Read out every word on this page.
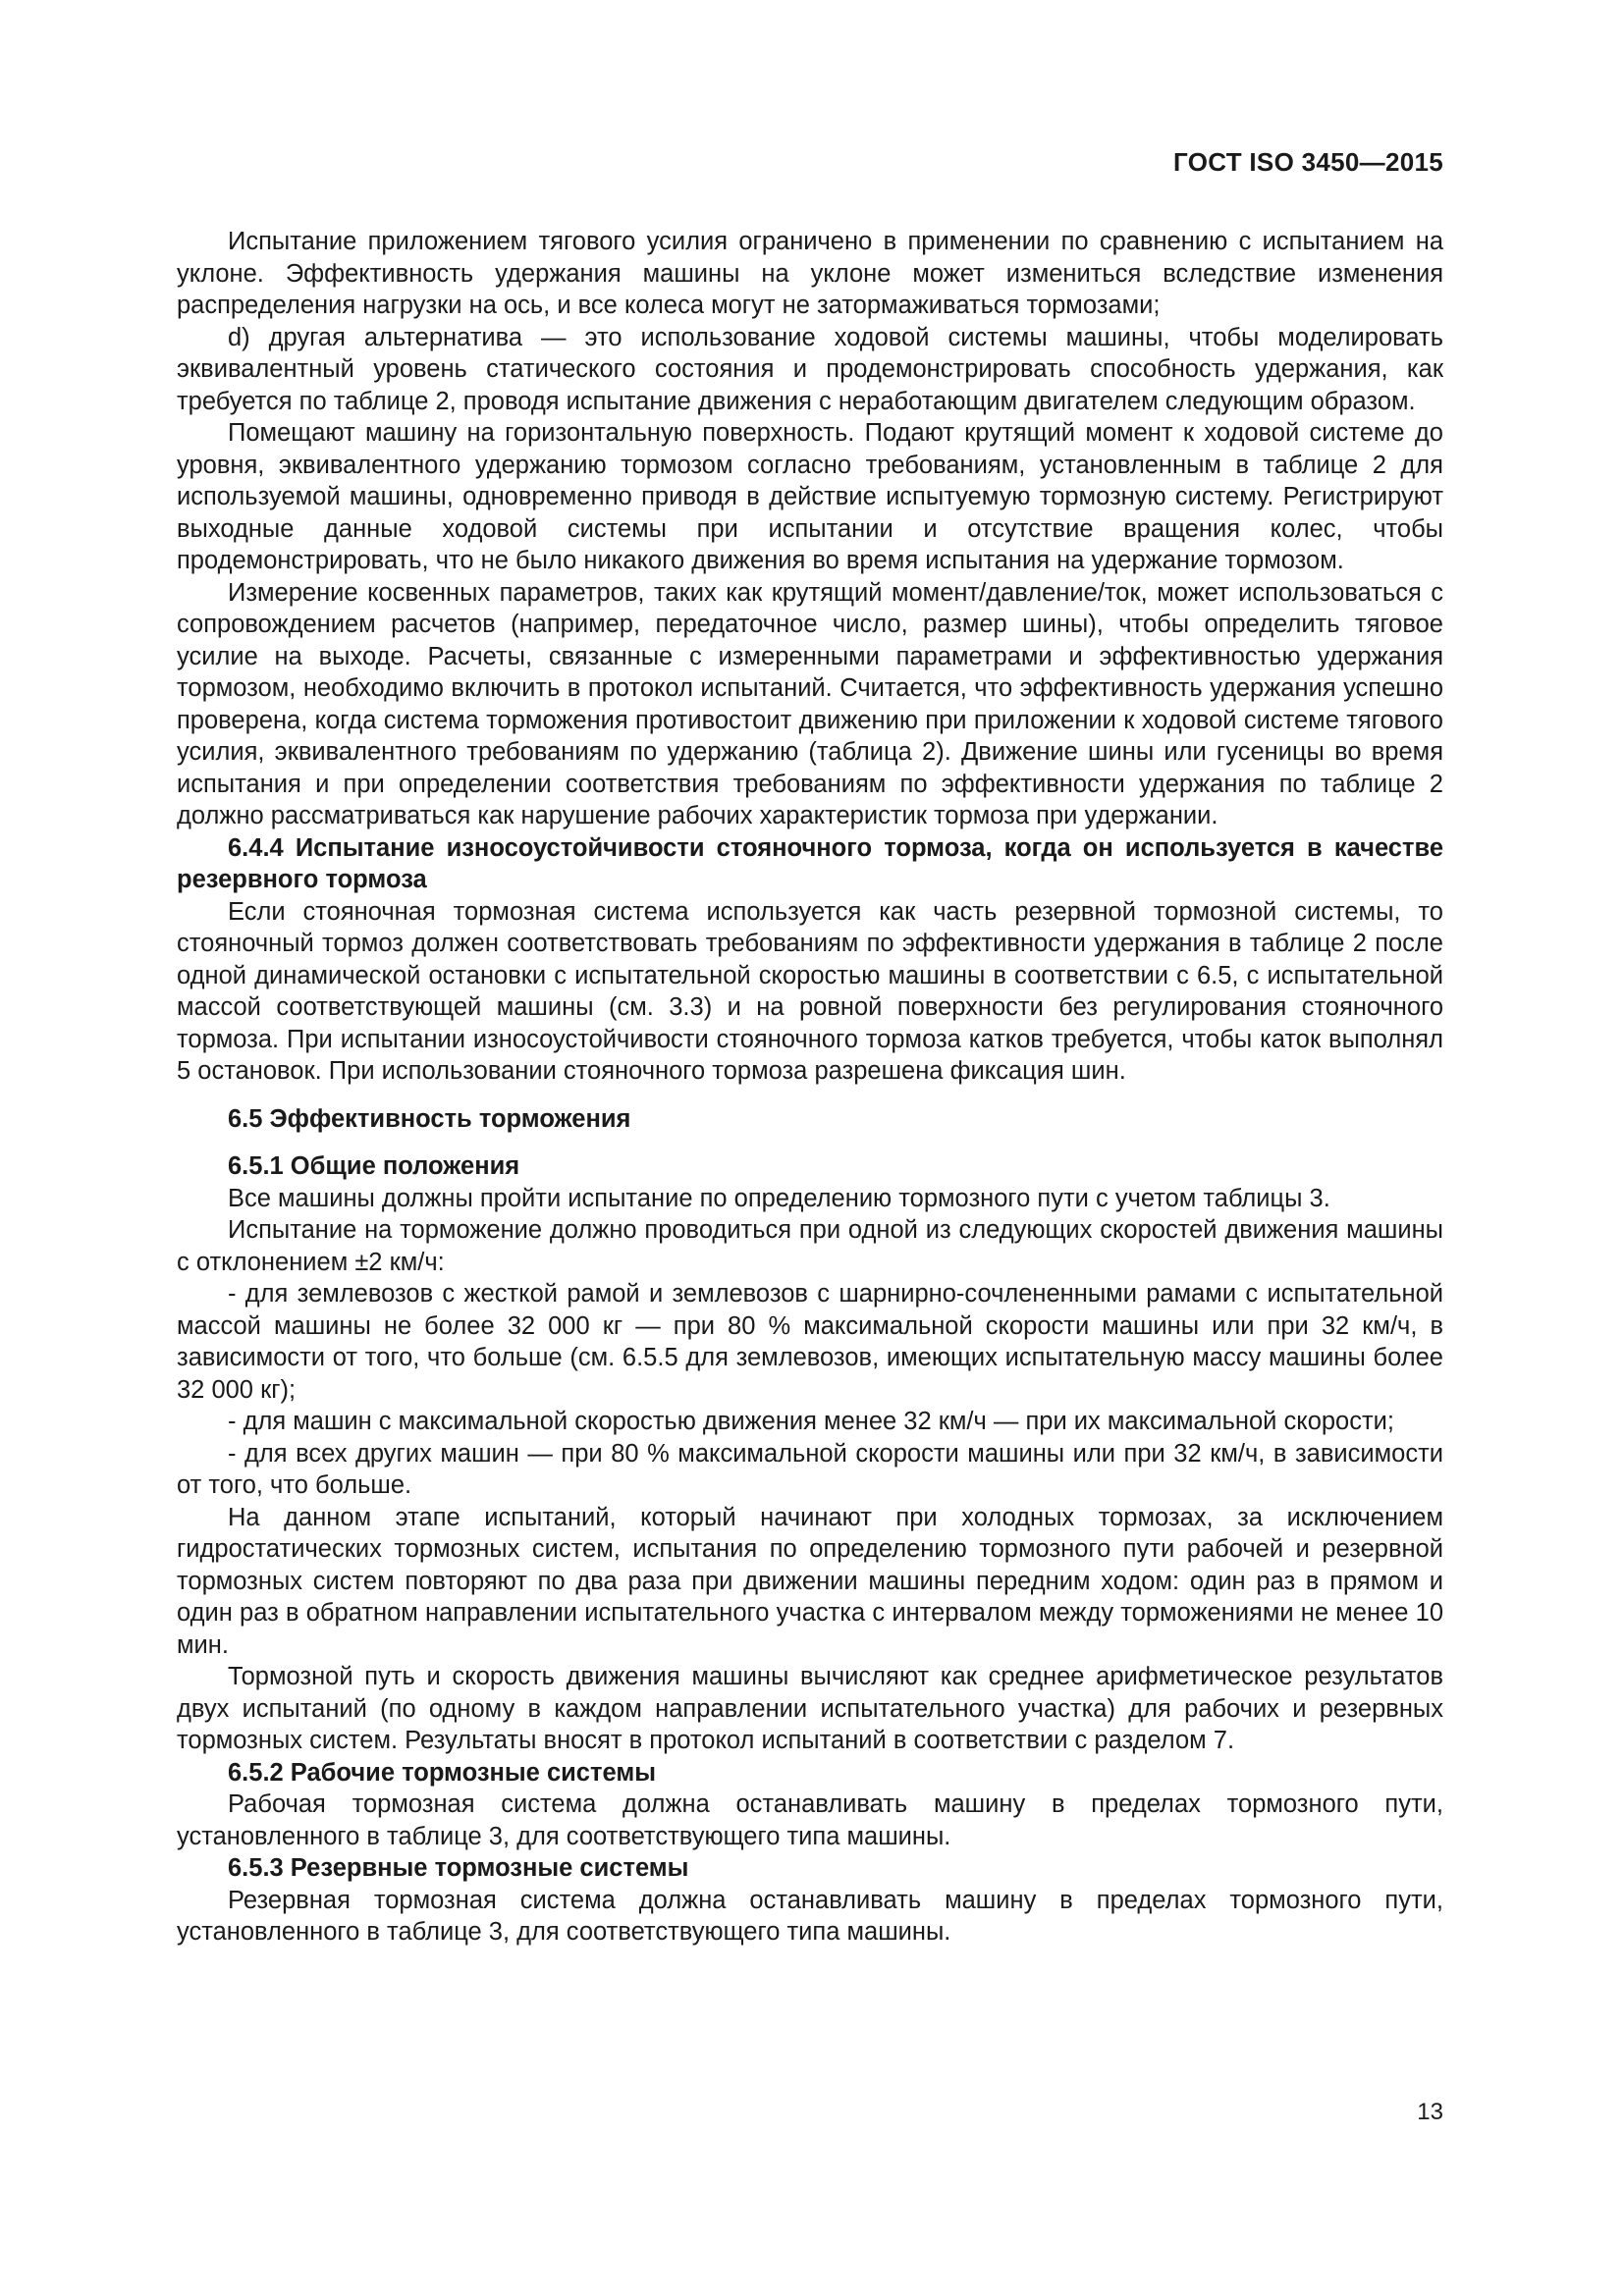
ГОСТ ISO 3450—2015

Испытание приложением тягового усилия ограничено в применении по сравнению с испытанием на уклоне. Эффективность удержания машины на уклоне может измениться вследствие изменения распределения нагрузки на ось, и все колеса могут не затормаживаться тормозами;

d) другая альтернатива — это использование ходовой системы машины, чтобы моделировать эквивалентный уровень статического состояния и продемонстрировать способность удержания, как требуется по таблице 2, проводя испытание движения с неработающим двигателем следующим образом.

Помещают машину на горизонтальную поверхность. Подают крутящий момент к ходовой системе до уровня, эквивалентного удержанию тормозом согласно требованиям, установленным в таблице 2 для используемой машины, одновременно приводя в действие испытуемую тормозную систему. Регистрируют выходные данные ходовой системы при испытании и отсутствие вращения колес, чтобы продемонстрировать, что не было никакого движения во время испытания на удержание тормозом.

Измерение косвенных параметров, таких как крутящий момент/давление/ток, может использоваться с сопровождением расчетов (например, передаточное число, размер шины), чтобы определить тяговое усилие на выходе. Расчеты, связанные с измеренными параметрами и эффективностью удержания тормозом, необходимо включить в протокол испытаний. Считается, что эффективность удержания успешно проверена, когда система торможения противостоит движению при приложении к ходовой системе тягового усилия, эквивалентного требованиям по удержанию (таблица 2). Движение шины или гусеницы во время испытания и при определении соответствия требованиям по эффективности удержания по таблице 2 должно рассматриваться как нарушение рабочих характеристик тормоза при удержании.

6.4.4 Испытание износоустойчивости стояночного тормоза, когда он используется в качестве резервного тормоза

Если стояночная тормозная система используется как часть резервной тормозной системы, то стояночный тормоз должен соответствовать требованиям по эффективности удержания в таблице 2 после одной динамической остановки с испытательной скоростью машины в соответствии с 6.5, с испытательной массой соответствующей машины (см. 3.3) и на ровной поверхности без регулирования стояночного тормоза. При испытании износоустойчивости стояночного тормоза катков требуется, чтобы каток выполнял 5 остановок. При использовании стояночного тормоза разрешена фиксация шин.

6.5 Эффективность торможения

6.5.1 Общие положения

Все машины должны пройти испытание по определению тормозного пути с учетом таблицы 3.

Испытание на торможение должно проводиться при одной из следующих скоростей движения машины с отклонением ±2 км/ч:

- для землевозов с жесткой рамой и землевозов с шарнирно-сочлененными рамами с испытательной массой машины не более 32 000 кг — при 80 % максимальной скорости машины или при 32 км/ч, в зависимости от того, что больше (см. 6.5.5 для землевозов, имеющих испытательную массу машины более 32 000 кг);

- для машин с максимальной скоростью движения менее 32 км/ч — при их максимальной скорости;

- для всех других машин — при 80 % максимальной скорости машины или при 32 км/ч, в зависимости от того, что больше.

На данном этапе испытаний, который начинают при холодных тормозах, за исключением гидростатических тормозных систем, испытания по определению тормозного пути рабочей и резервной тормозных систем повторяют по два раза при движении машины передним ходом: один раз в прямом и один раз в обратном направлении испытательного участка с интервалом между торможениями не менее 10 мин.

Тормозной путь и скорость движения машины вычисляют как среднее арифметическое результатов двух испытаний (по одному в каждом направлении испытательного участка) для рабочих и резервных тормозных систем. Результаты вносят в протокол испытаний в соответствии с разделом 7.

6.5.2 Рабочие тормозные системы

Рабочая тормозная система должна останавливать машину в пределах тормозного пути, установленного в таблице 3, для соответствующего типа машины.

6.5.3 Резервные тормозные системы

Резервная тормозная система должна останавливать машину в пределах тормозного пути, установленного в таблице 3, для соответствующего типа машины.

13
